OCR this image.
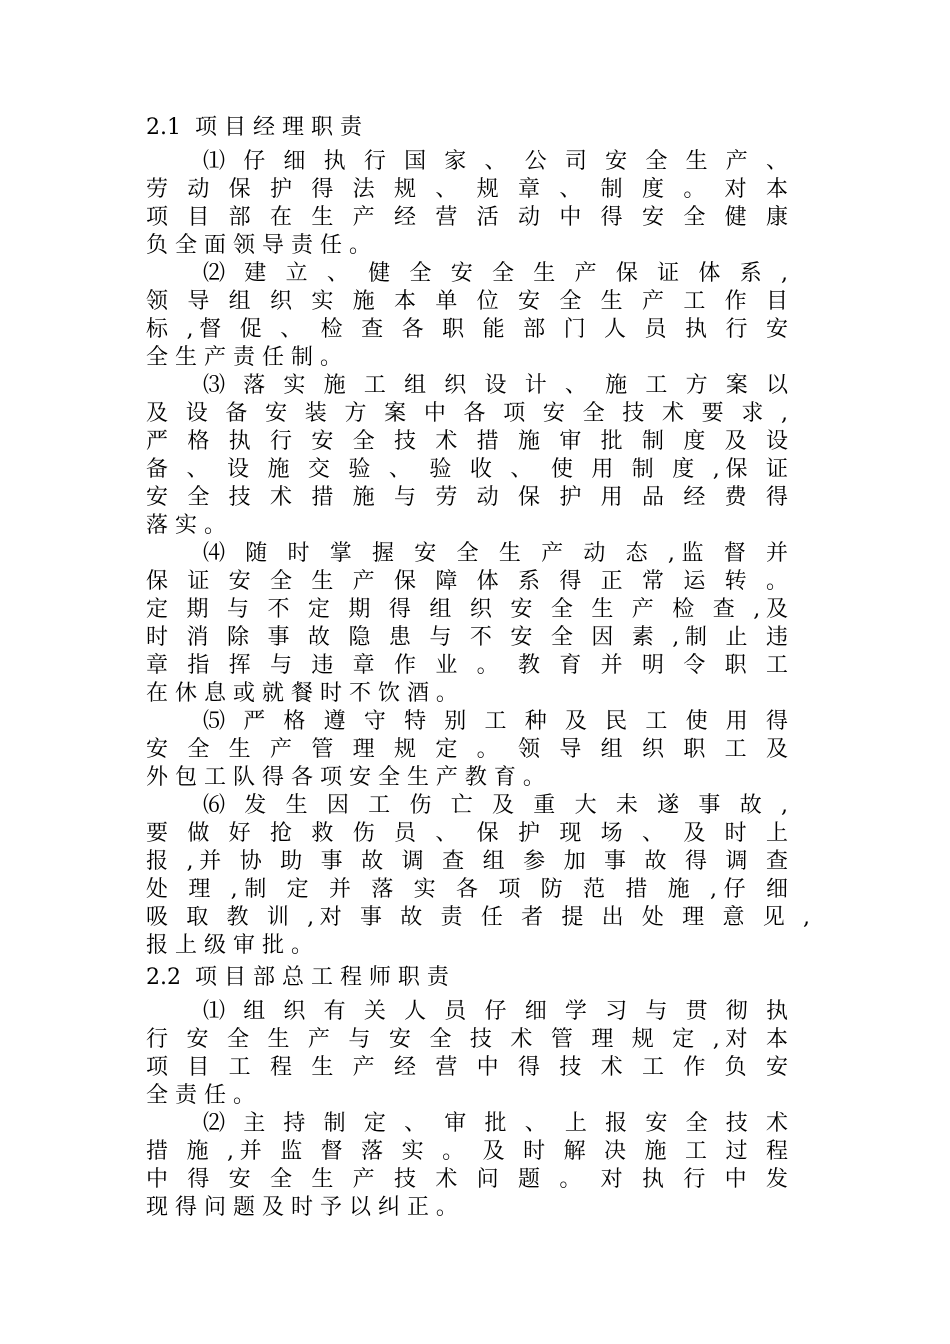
2.1  项 目 经 理 职 责
⑴ 仔 细 执 行 国 家 、 公 司 安 全 生 产 、
劳 动 保 护 得 法 规 、 规 章 、 制 度 。 对 本
项 目 部 在 生 产 经 营 活 动 中 得 安 全 健 康
负 全 面 领 导 责 任 。
⑵ 建 立 、 健 全 安 全 生 产 保 证 体 系 ,
领 导 组 织 实 施 本 单 位 安 全 生 产 工 作 目
标 ,督 促 、 检 查 各 职 能 部 门 人 员 执 行 安
全 生 产 责 任 制 。
⑶ 落 实 施 工 组 织 设 计 、 施 工 方 案 以
及 设 备 安 装 方 案 中 各 项 安 全 技 术 要 求 ,
严 格 执 行 安 全 技 术 措 施 审 批 制 度 及 设
备 、 设 施 交 验 、 验 收 、 使 用 制 度 ,保 证
安 全 技 术 措 施 与 劳 动 保 护 用 品 经 费 得
落 实 。
⑷ 随 时 掌 握 安 全 生 产 动 态 ,监 督 并
保 证 安 全 生 产 保 障 体 系 得 正 常 运 转 。
定 期 与 不 定 期 得 组 织 安 全 生 产 检 查 ,及
时 消 除 事 故 隐 患 与 不 安 全 因 素 ,制 止 违
章 指 挥 与 违 章 作 业 。 教 育 并 明 令 职 工
在 休 息 或 就 餐 时 不 饮 酒 。
⑸ 严 格 遵 守 特 别 工 种 及 民 工 使 用 得
安 全 生 产 管 理 规 定 。 领 导 组 织 职 工 及
外 包 工 队 得 各 项 安 全 生 产 教 育 。
⑹ 发 生 因 工 伤 亡 及 重 大 未 遂 事 故 ,
要 做 好 抢 救 伤 员 、 保 护 现 场 、 及 时 上
报 ,并 协 助 事 故 调 查 组 参 加 事 故 得 调 查
处 理 ,制 定 并 落 实 各 项 防 范 措 施 ,仔 细
吸 取 教 训 ,对 事 故 责 任 者 提 出 处 理 意 见 ,
报 上 级 审 批 。
2.2  项 目 部 总 工 程 师 职 责
⑴ 组 织 有 关 人 员 仔 细 学 习 与 贯 彻 执
行 安 全 生 产 与 安 全 技 术 管 理 规 定 ,对 本
项 目 工 程 生 产 经 营 中 得 技 术 工 作 负 安
全 责 任 。
⑵ 主 持 制 定 、 审 批 、 上 报 安 全 技 术
措 施 ,并 监 督 落 实 。 及 时 解 决 施 工 过 程
中 得 安 全 生 产 技 术 问 题 。 对 执 行 中 发
现 得 问 题 及 时 予 以 纠 正 。
